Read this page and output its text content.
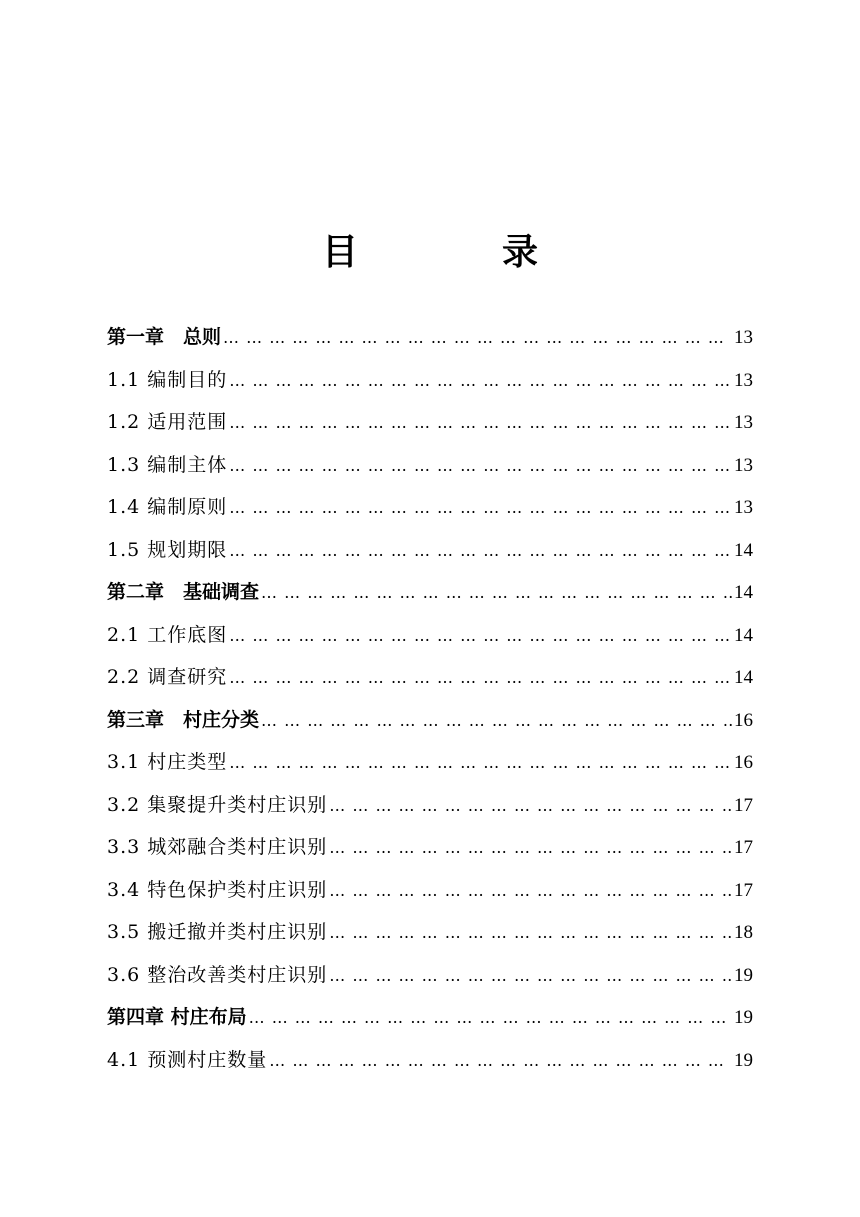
目　录
第一章　总则 … … … … … … … … … … … … … … … … … … … … … … … … … … … … … … … … … … … … … … … … … … … … … …	13
1.1 编制目的 … … … … … … … … … … … … … … … … … … … … … … … … … … … … … … … … … … … … … … … … … … … … … …	13
1.2 适用范围 … … … … … … … … … … … … … … … … … … … … … … … … … … … … … … … … … … … … … … … … … … … … … …	13
1.3 编制主体 … … … … … … … … … … … … … … … … … … … … … … … … … … … … … … … … … … … … … … … … … … … … … …	13
1.4 编制原则 … … … … … … … … … … … … … … … … … … … … … … … … … … … … … … … … … … … … … … … … … … … … … …	13
1.5 规划期限 … … … … … … … … … … … … … … … … … … … … … … … … … … … … … … … … … … … … … … … … … … … … … …	14
第二章　基础调查 … … … … … … … … … … … … … … … … … … … … … … … … … … … … … … … … … … … … … … … … … … … … … …	14
2.1 工作底图 … … … … … … … … … … … … … … … … … … … … … … … … … … … … … … … … … … … … … … … … … … … … … …	14
2.2 调查研究 … … … … … … … … … … … … … … … … … … … … … … … … … … … … … … … … … … … … … … … … … … … … … …	14
第三章　村庄分类 … … … … … … … … … … … … … … … … … … … … … … … … … … … … … … … … … … … … … … … … … … … … … …	16
3.1 村庄类型 … … … … … … … … … … … … … … … … … … … … … … … … … … … … … … … … … … … … … … … … … … … … … …	16
3.2 集聚提升类村庄识别 … … … … … … … … … … … … … … … … … … … … … … … … … … … … … … … … … … … … … … … … … … … … … …	17
3.3 城郊融合类村庄识别 … … … … … … … … … … … … … … … … … … … … … … … … … … … … … … … … … … … … … … … … … … … … … …	17
3.4 特色保护类村庄识别 … … … … … … … … … … … … … … … … … … … … … … … … … … … … … … … … … … … … … … … … … … … … … …	17
3.5 搬迁撤并类村庄识别 … … … … … … … … … … … … … … … … … … … … … … … … … … … … … … … … … … … … … … … … … … … … … …	18
3.6 整治改善类村庄识别 … … … … … … … … … … … … … … … … … … … … … … … … … … … … … … … … … … … … … … … … … … … … … …	19
第四章 村庄布局 … … … … … … … … … … … … … … … … … … … … … … … … … … … … … … … … … … … … … … … … … … … … … …	19
4.1 预测村庄数量 … … … … … … … … … … … … … … … … … … … … … … … … … … … … … … … … … … … … … … … … … … … … … …	19
